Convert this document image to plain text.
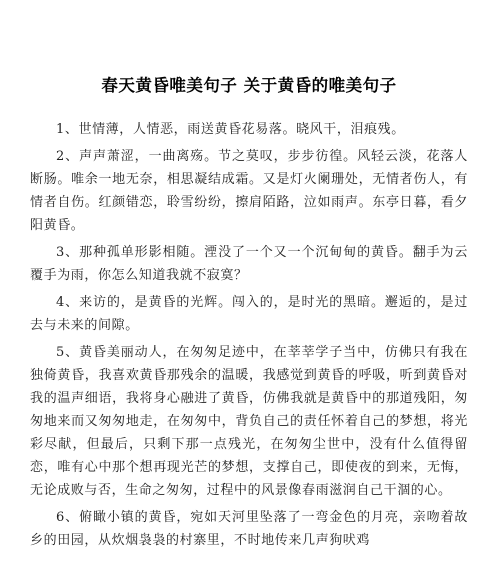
春天黄昏唯美句子 关于黄昏的唯美句子

1、世情薄，人情恶，雨送黄昏花易落。晓风干，泪痕残。

2、声声萧涩，一曲离殇。节之莫叹，步步彷徨。风轻云淡，花落人断肠。唯余一地无奈，相思凝结成霜。又是灯火阑珊处，无情者伤人，有情者自伤。红颜错恋，聆雪纷纷，擦肩陌路，泣如雨声。东亭日暮，看夕阳黄昏。

3、那种孤单形影相随。湮没了一个又一个沉甸甸的黄昏。翻手为云覆手为雨，你怎么知道我就不寂寞？

4、来访的，是黄昏的光辉。闯入的，是时光的黑暗。邂逅的，是过去与未来的间隙。

5、黄昏美丽动人，在匆匆足迹中，在莘莘学子当中，仿佛只有我在独倚黄昏，我喜欢黄昏那残余的温暖，我感觉到黄昏的呼吸，听到黄昏对我的温声细语，我将身心融进了黄昏，仿佛我就是黄昏中的那道残阳，匆匆地来而又匆匆地走，在匆匆中，背负自己的责任怀着自己的梦想，将光彩尽献，但最后，只剩下那一点残光，在匆匆尘世中，没有什么值得留恋，唯有心中那个想再现光芒的梦想，支撑自己，即使夜的到来，无悔，无论成败与否，生命之匆匆，过程中的风景像春雨滋润自己干涸的心。

6、俯瞰小镇的黄昏，宛如天河里坠落了一弯金色的月亮，亲吻着故乡的田园，从炊烟袅袅的村寨里，不时地传来几声狗吠鸡
